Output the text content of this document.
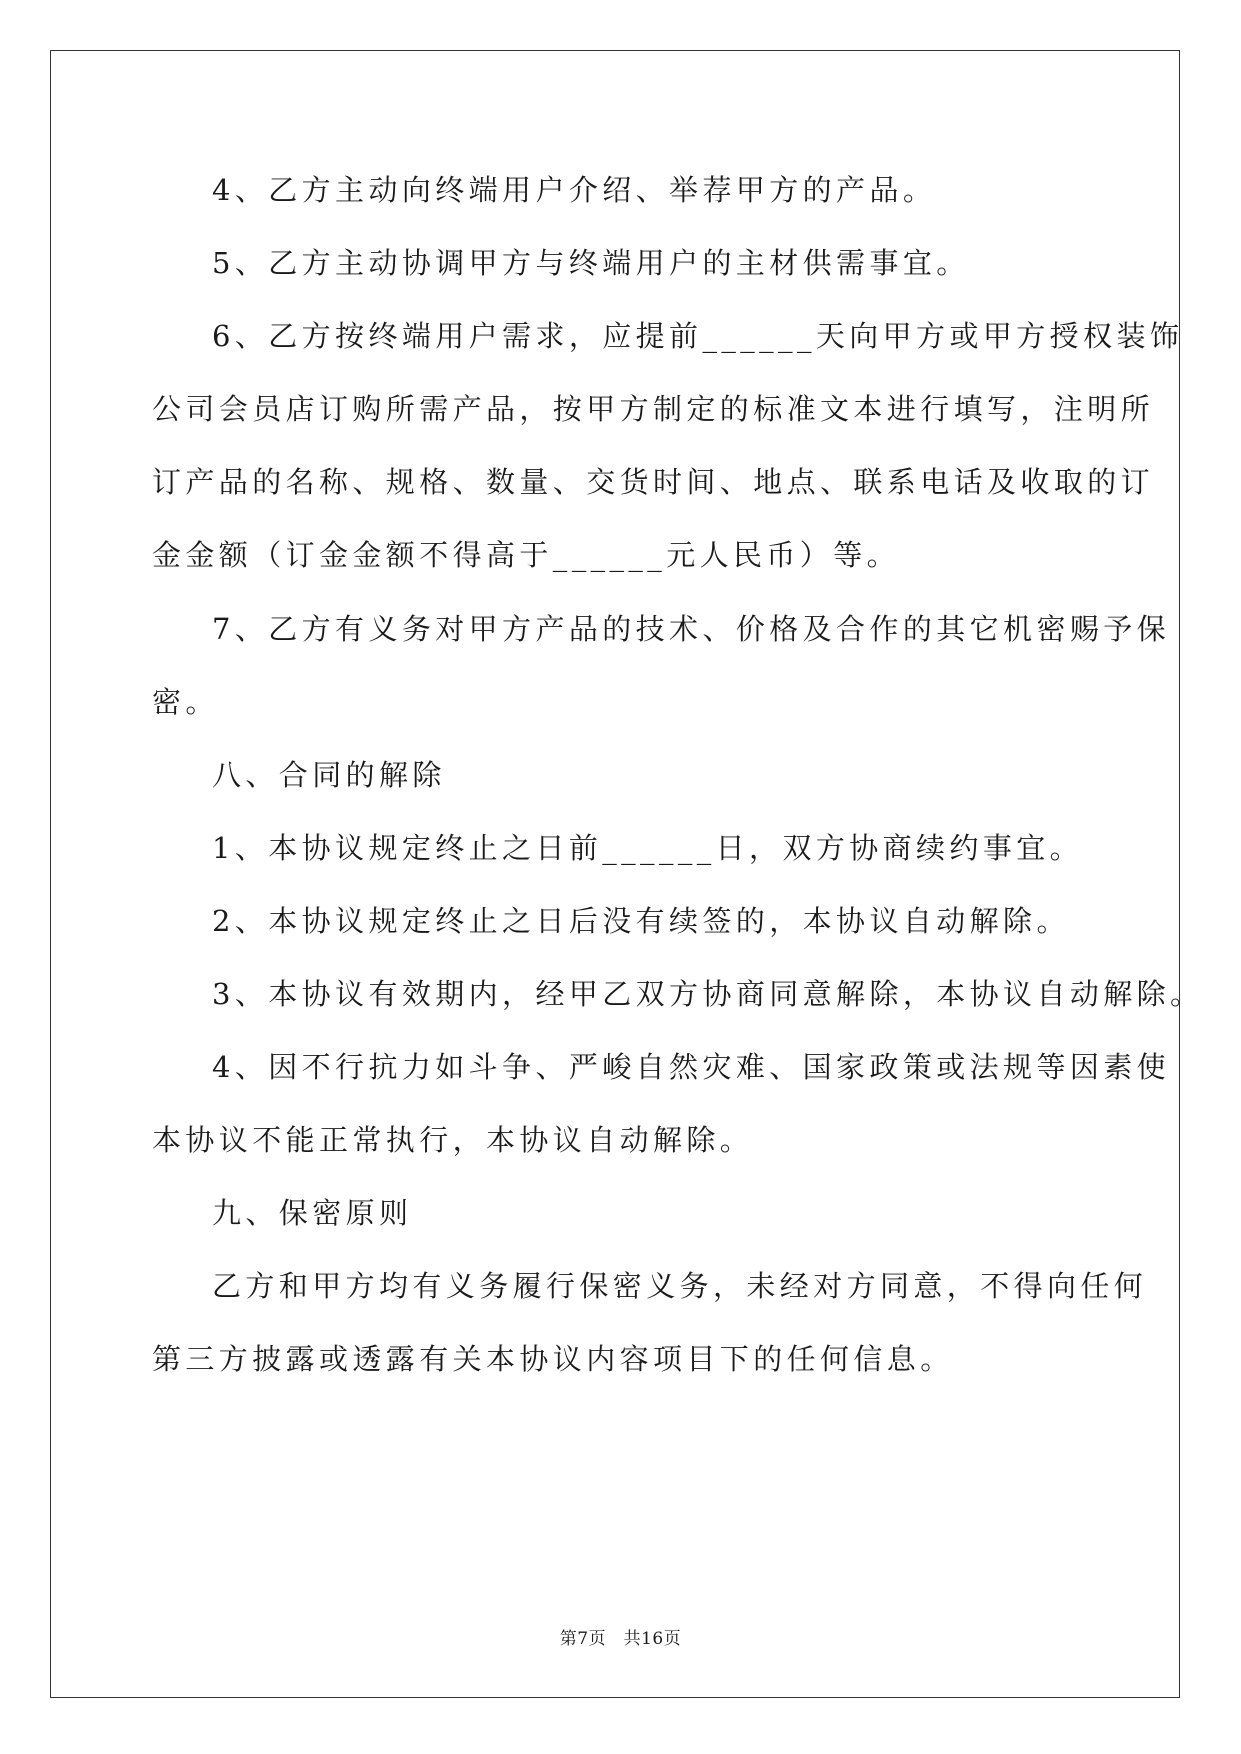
4、乙方主动向终端用户介绍、举荐甲方的产品。

5、乙方主动协调甲方与终端用户的主材供需事宜。

6、乙方按终端用户需求，应提前______天向甲方或甲方授权装饰

公司会员店订购所需产品，按甲方制定的标准文本进行填写，注明所

订产品的名称、规格、数量、交货时间、地点、联系电话及收取的订

金金额（订金金额不得高于______元人民币）等。

7、乙方有义务对甲方产品的技术、价格及合作的其它机密赐予保

密。

八、合同的解除

1、本协议规定终止之日前______日，双方协商续约事宜。

2、本协议规定终止之日后没有续签的，本协议自动解除。

3、本协议有效期内，经甲乙双方协商同意解除，本协议自动解除。

4、因不行抗力如斗争、严峻自然灾难、国家政策或法规等因素使

本协议不能正常执行，本协议自动解除。

九、保密原则

乙方和甲方均有义务履行保密义务，未经对方同意，不得向任何

第三方披露或透露有关本协议内容项目下的任何信息。

第7页　共16页
